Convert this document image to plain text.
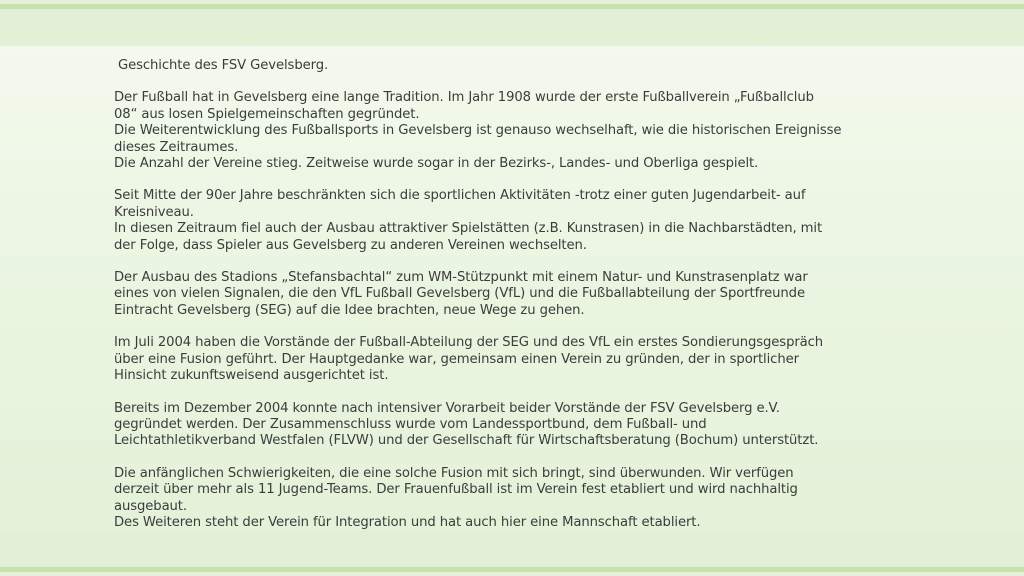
Geschichte des FSV Gevelsberg.
Der Fußball hat in Gevelsberg eine lange Tradition. Im Jahr 1908 wurde der erste Fußballverein „Fußballclub
08“ aus losen Spielgemeinschaften gegründet.
Die Weiterentwicklung des Fußballsports in Gevelsberg ist genauso wechselhaft, wie die historischen Ereignisse
dieses Zeitraumes.
Die Anzahl der Vereine stieg. Zeitweise wurde sogar in der Bezirks-, Landes- und Oberliga gespielt.
Seit Mitte der 90er Jahre beschränkten sich die sportlichen Aktivitäten -trotz einer guten Jugendarbeit- auf
Kreisniveau.
In diesen Zeitraum fiel auch der Ausbau attraktiver Spielstätten (z.B. Kunstrasen) in die Nachbarstädten, mit
der Folge, dass Spieler aus Gevelsberg zu anderen Vereinen wechselten.
Der Ausbau des Stadions „Stefansbachtal“ zum WM-Stützpunkt mit einem Natur- und Kunstrasenplatz war
eines von vielen Signalen, die den VfL Fußball Gevelsberg (VfL) und die Fußballabteilung der Sportfreunde
Eintracht Gevelsberg (SEG) auf die Idee brachten, neue Wege zu gehen.
Im Juli 2004 haben die Vorstände der Fußball-Abteilung der SEG und des VfL ein erstes Sondierungsgespräch
über eine Fusion geführt. Der Hauptgedanke war, gemeinsam einen Verein zu gründen, der in sportlicher
Hinsicht zukunftsweisend ausgerichtet ist.
Bereits im Dezember 2004 konnte nach intensiver Vorarbeit beider Vorstände der FSV Gevelsberg e.V.
gegründet werden. Der Zusammenschluss wurde vom Landessportbund, dem Fußball- und
Leichtathletikverband Westfalen (FLVW) und der Gesellschaft für Wirtschaftsberatung (Bochum) unterstützt.
Die anfänglichen Schwierigkeiten, die eine solche Fusion mit sich bringt, sind überwunden. Wir verfügen
derzeit über mehr als 11 Jugend-Teams. Der Frauenfußball ist im Verein fest etabliert und wird nachhaltig
ausgebaut.
Des Weiteren steht der Verein für Integration und hat auch hier eine Mannschaft etabliert.
